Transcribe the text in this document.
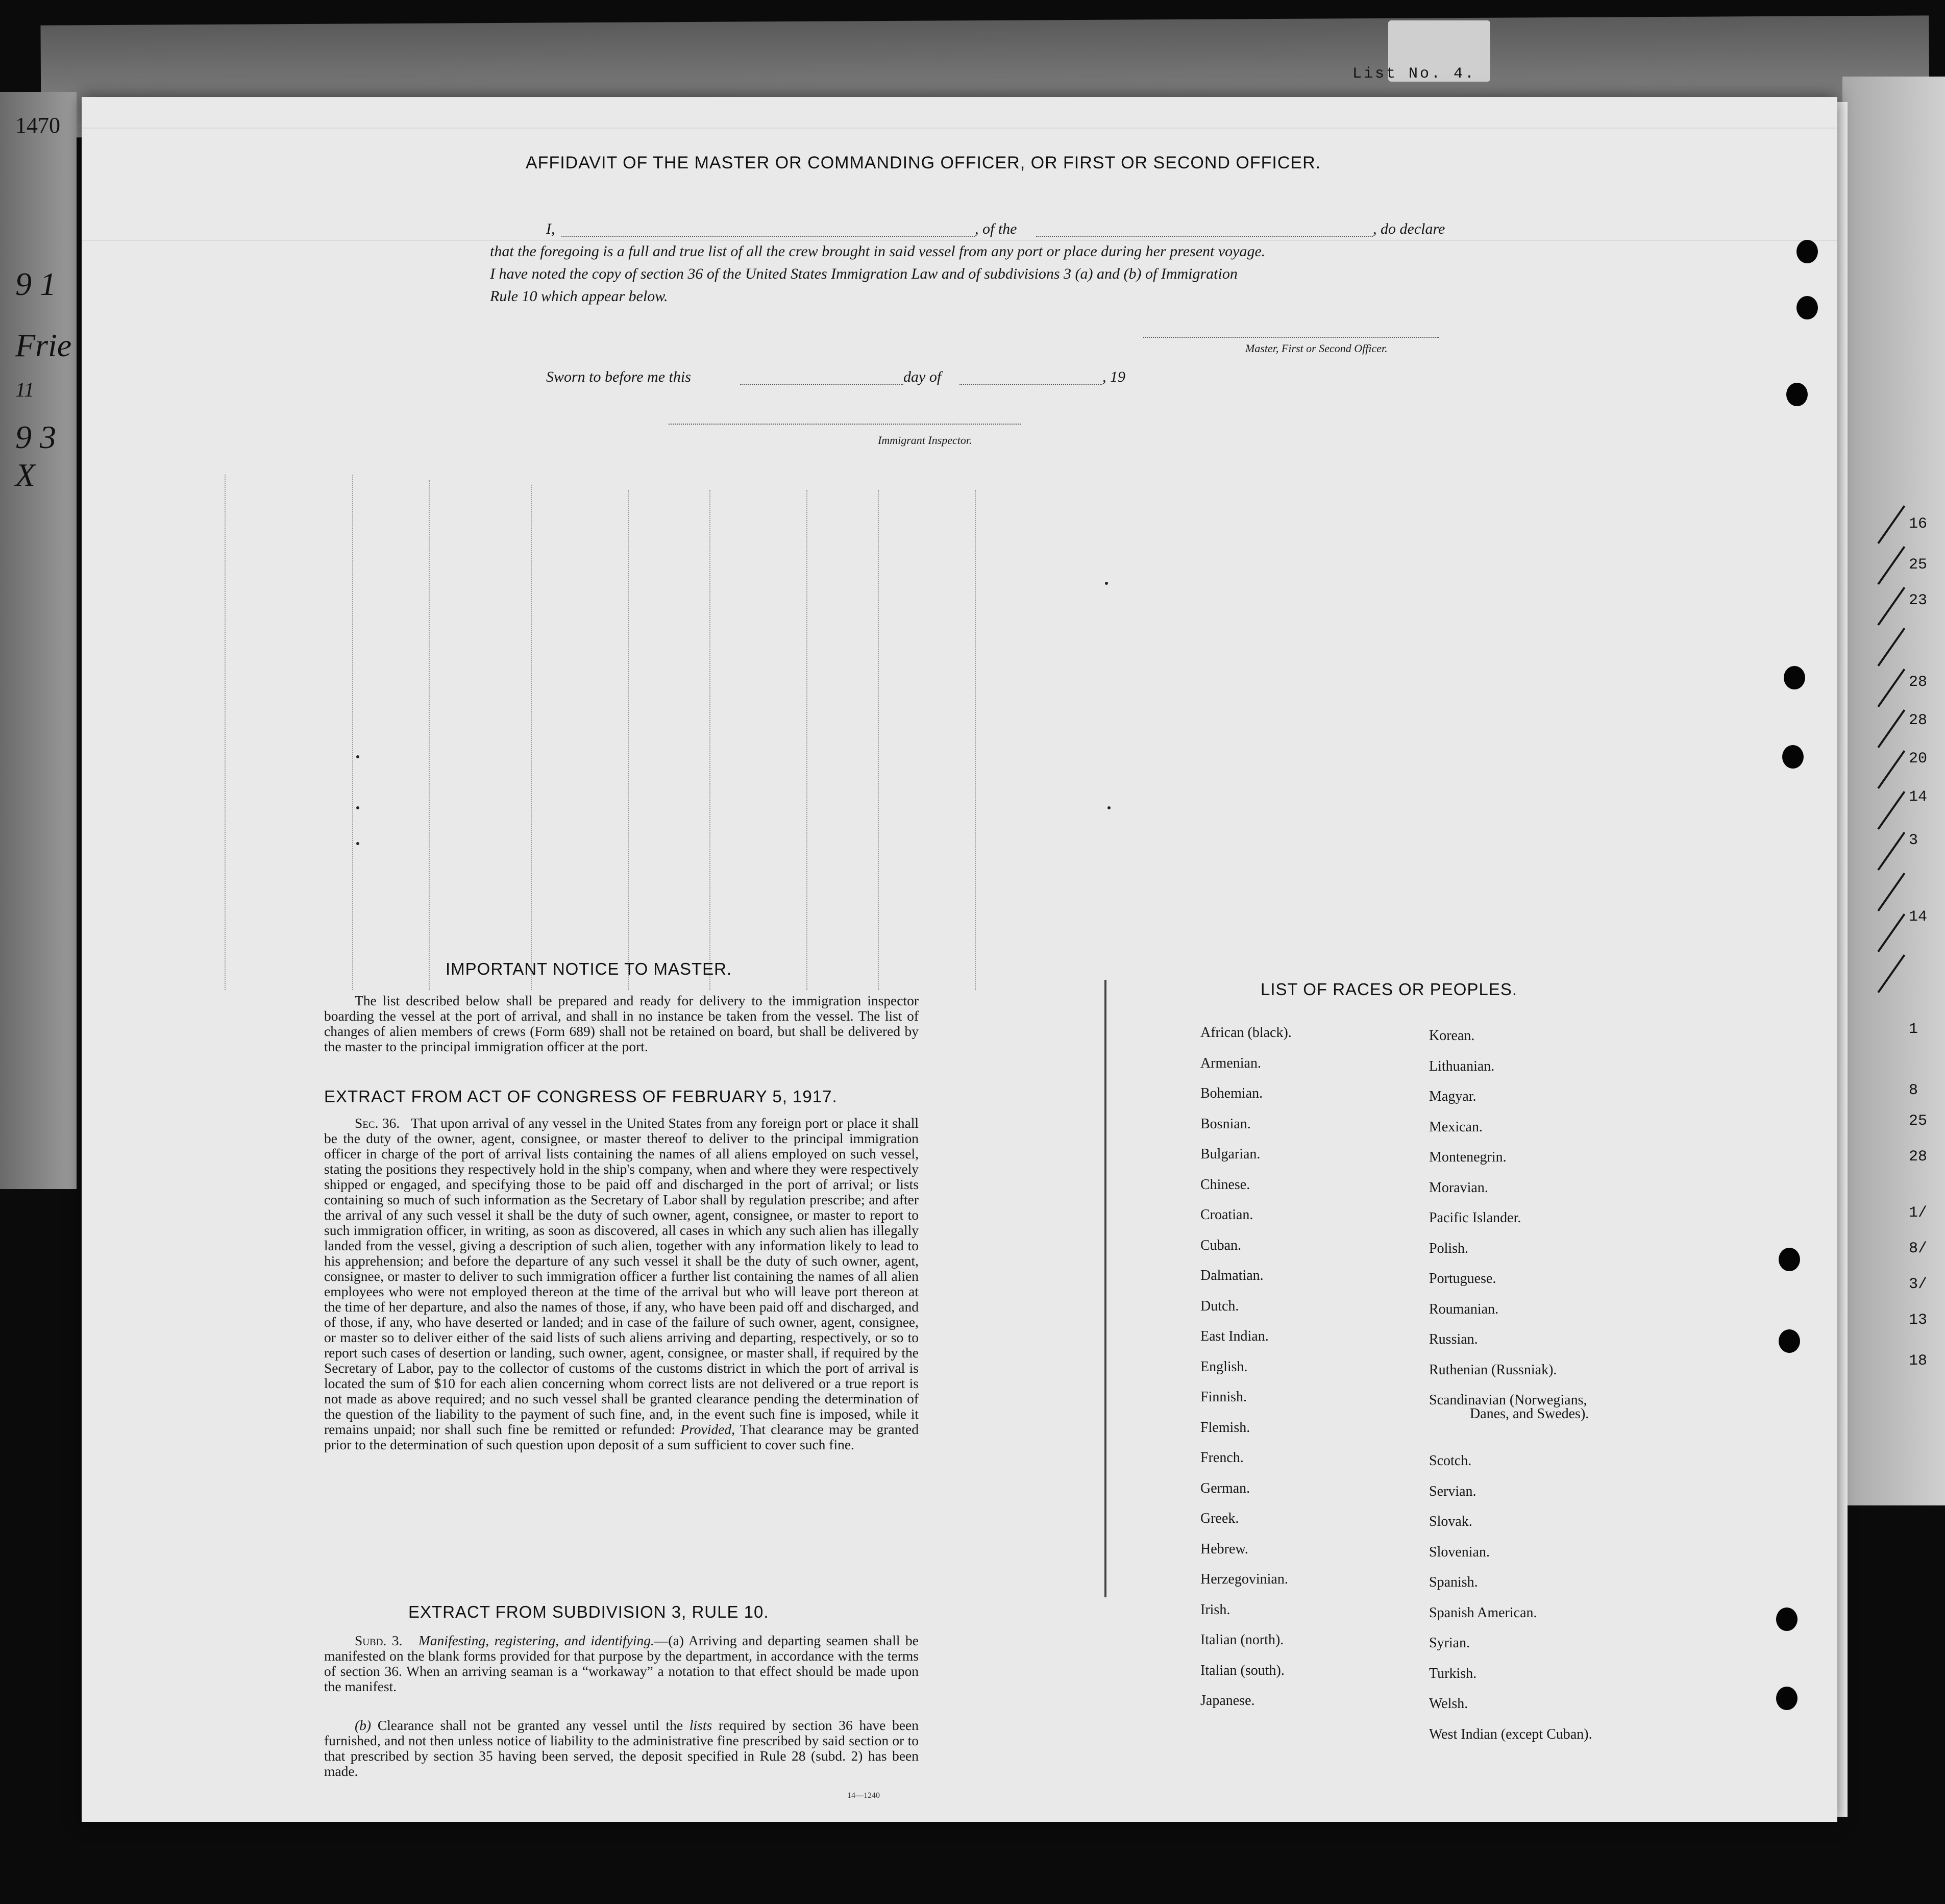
List No. 4.
1470
9 1
Frie
11
9 3 X
16
25
23
28
28
20
14
3
14
1
8
25
28
1/
8/
3/
13
18
AFFIDAVIT OF THE MASTER OR COMMANDING OFFICER, OR FIRST OR SECOND OFFICER.
I,	, of the	, do declare
that the foregoing is a full and true list of all the crew brought in said vessel from any port or place during her present voyage.
I have noted the copy of section 36 of the United States Immigration Law and of subdivisions 3 (a) and (b) of Immigration
Rule 10 which appear below.
Master, First or Second Officer.
Sworn to before me this	day of	, 19
Immigrant Inspector.
IMPORTANT NOTICE TO MASTER.
The list described below shall be prepared and ready for delivery to the immigration inspector boarding the vessel at the port of arrival, and shall in no instance be taken from the vessel. The list of changes of alien members of crews (Form 689) shall not be retained on board, but shall be delivered by the master to the principal immigration officer at the port.
EXTRACT FROM ACT OF CONGRESS OF FEBRUARY 5, 1917.
Sec. 36. That upon arrival of any vessel in the United States from any foreign port or place it shall be the duty of the owner, agent, consignee, or master thereof to deliver to the principal immigration officer in charge of the port of arrival lists containing the names of all aliens employed on such vessel, stating the positions they respectively hold in the ship's company, when and where they were respectively shipped or engaged, and specifying those to be paid off and discharged in the port of arrival; or lists containing so much of such information as the Secretary of Labor shall by regulation prescribe; and after the arrival of any such vessel it shall be the duty of such owner, agent, consignee, or master to report to such immigration officer, in writing, as soon as discovered, all cases in which any such alien has illegally landed from the vessel, giving a description of such alien, together with any information likely to lead to his apprehension; and before the departure of any such vessel it shall be the duty of such owner, agent, consignee, or master to deliver to such immigration officer a further list containing the names of all alien employees who were not employed thereon at the time of the arrival but who will leave port thereon at the time of her departure, and also the names of those, if any, who have been paid off and discharged, and of those, if any, who have deserted or landed; and in case of the failure of such owner, agent, consignee, or master so to deliver either of the said lists of such aliens arriving and departing, respectively, or so to report such cases of desertion or landing, such owner, agent, consignee, or master shall, if required by the Secretary of Labor, pay to the collector of customs of the customs district in which the port of arrival is located the sum of $10 for each alien concerning whom correct lists are not delivered or a true report is not made as above required; and no such vessel shall be granted clearance pending the determination of the question of the liability to the payment of such fine, and, in the event such fine is imposed, while it remains unpaid; nor shall such fine be remitted or refunded: Provided, That clearance may be granted prior to the determination of such question upon deposit of a sum sufficient to cover such fine.
EXTRACT FROM SUBDIVISION 3, RULE 10.
Subd. 3. Manifesting, registering, and identifying.—(a) Arriving and departing seamen shall be manifested on the blank forms provided for that purpose by the department, in accordance with the terms of section 36. When an arriving seaman is a “workaway” a notation to that effect should be made upon the manifest.
(b) Clearance shall not be granted any vessel until the lists required by section 36 have been furnished, and not then unless notice of liability to the administrative fine prescribed by said section or to that prescribed by section 35 having been served, the deposit specified in Rule 28 (subd. 2) has been made.
14—1240
LIST OF RACES OR PEOPLES.
African (black).
Armenian.
Bohemian.
Bosnian.
Bulgarian.
Chinese.
Croatian.
Cuban.
Dalmatian.
Dutch.
East Indian.
English.
Finnish.
Flemish.
French.
German.
Greek.
Hebrew.
Herzegovinian.
Irish.
Italian (north).
Italian (south).
Japanese.
Korean.
Lithuanian.
Magyar.
Mexican.
Montenegrin.
Moravian.
Pacific Islander.
Polish.
Portuguese.
Roumanian.
Russian.
Ruthenian (Russniak).
Scandinavian (Norwegians,
Danes, and Swedes).
Scotch.
Servian.
Slovak.
Slovenian.
Spanish.
Spanish American.
Syrian.
Turkish.
Welsh.
West Indian (except Cuban).
